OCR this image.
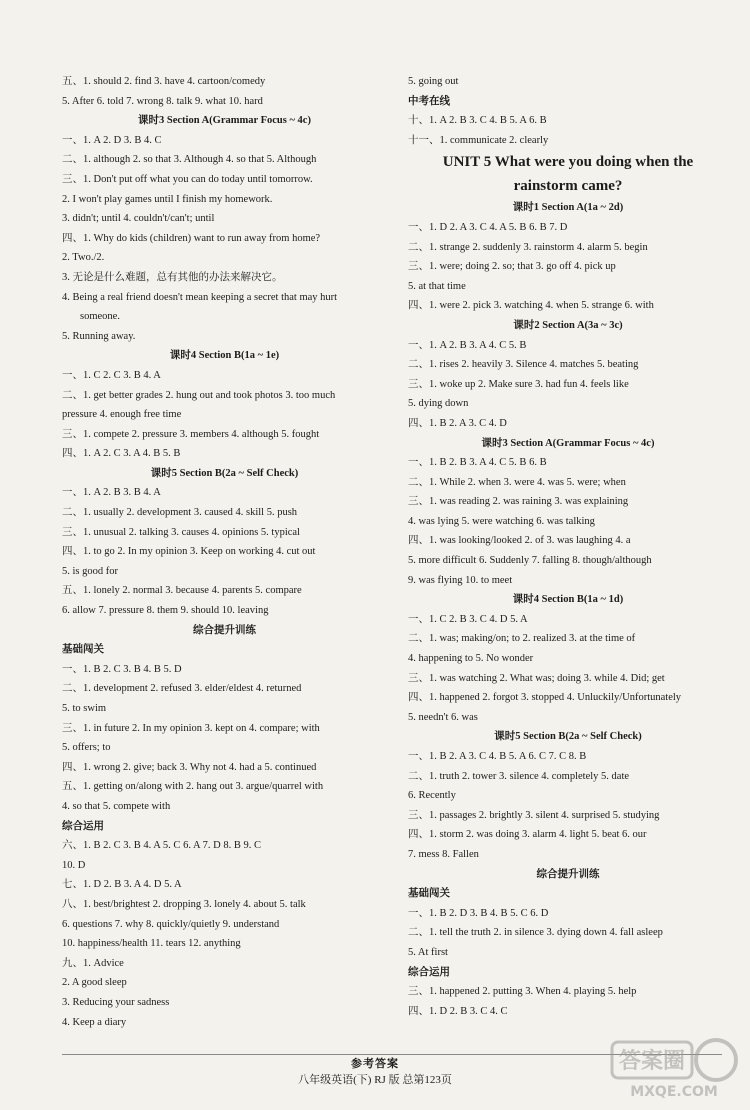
五、1. should 2. find 3. have 4. cartoon/comedy
5. After 6. told 7. wrong 8. talk 9. what 10. hard
课时3 Section A(Grammar Focus ~ 4c)
一、1. A 2. D 3. B 4. C
二、1. although 2. so that 3. Although 4. so that 5. Although
三、1. Don't put off what you can do today until tomorrow.
2. I won't play games until I finish my homework.
3. didn't; until 4. couldn't/can't; until
四、1. Why do kids (children) want to run away from home?
2. Two./2.
3. 无论是什么难题，总有其他的办法来解决它。
4. Being a real friend doesn't mean keeping a secret that may hurt
someone.
5. Running away.
课时4 Section B(1a ~ 1e)
一、1. C 2. C 3. B 4. A
二、1. get better grades 2. hung out and took photos 3. too much
pressure 4. enough free time
三、1. compete 2. pressure 3. members 4. although 5. fought
四、1. A 2. C 3. A 4. B 5. B
课时5 Section B(2a ~ Self Check)
一、1. A 2. B 3. B 4. A
二、1. usually 2. development 3. caused 4. skill 5. push
三、1. unusual 2. talking 3. causes 4. opinions 5. typical
四、1. to go 2. In my opinion 3. Keep on working 4. cut out
5. is good for
五、1. lonely 2. normal 3. because 4. parents 5. compare
6. allow 7. pressure 8. them 9. should 10. leaving
综合提升训练
基础闯关
一、1. B 2. C 3. B 4. B 5. D
二、1. development 2. refused 3. elder/eldest 4. returned
5. to swim
三、1. in future 2. In my opinion 3. kept on 4. compare; with
5. offers; to
四、1. wrong 2. give; back 3. Why not 4. had a 5. continued
五、1. getting on/along with 2. hang out 3. argue/quarrel with
4. so that 5. compete with
综合运用
六、1. B 2. C 3. B 4. A 5. C 6. A 7. D 8. B 9. C
10. D
七、1. D 2. B 3. A 4. D 5. A
八、1. best/brightest 2. dropping 3. lonely 4. about 5. talk
6. questions 7. why 8. quickly/quietly 9. understand
10. happiness/health 11. tears 12. anything
九、1. Advice
2. A good sleep
3. Reducing your sadness
4. Keep a diary
5. going out
中考在线
十、1. A 2. B 3. C 4. B 5. A 6. B
十一、1. communicate 2. clearly
UNIT 5 What were you doing when the
rainstorm came?
课时1 Section A(1a ~ 2d)
一、1. D 2. A 3. C 4. A 5. B 6. B 7. D
二、1. strange 2. suddenly 3. rainstorm 4. alarm 5. begin
三、1. were; doing 2. so; that 3. go off 4. pick up
5. at that time
四、1. were 2. pick 3. watching 4. when 5. strange 6. with
课时2 Section A(3a ~ 3c)
一、1. A 2. B 3. A 4. C 5. B
二、1. rises 2. heavily 3. Silence 4. matches 5. beating
三、1. woke up 2. Make sure 3. had fun 4. feels like
5. dying down
四、1. B 2. A 3. C 4. D
课时3 Section A(Grammar Focus ~ 4c)
一、1. B 2. B 3. A 4. C 5. B 6. B
二、1. While 2. when 3. were 4. was 5. were; when
三、1. was reading 2. was raining 3. was explaining
4. was lying 5. were watching 6. was talking
四、1. was looking/looked 2. of 3. was laughing 4. a
5. more difficult 6. Suddenly 7. falling 8. though/although
9. was flying 10. to meet
课时4 Section B(1a ~ 1d)
一、1. C 2. B 3. C 4. D 5. A
二、1. was; making/on; to 2. realized 3. at the time of
4. happening to 5. No wonder
三、1. was watching 2. What was; doing 3. while 4. Did; get
四、1. happened 2. forgot 3. stopped 4. Unluckily/Unfortunately
5. needn't 6. was
课时5 Section B(2a ~ Self Check)
一、1. B 2. A 3. C 4. B 5. A 6. C 7. C 8. B
二、1. truth 2. tower 3. silence 4. completely 5. date
6. Recently
三、1. passages 2. brightly 3. silent 4. surprised 5. studying
四、1. storm 2. was doing 3. alarm 4. light 5. beat 6. our
7. mess 8. Fallen
综合提升训练
基础闯关
一、1. B 2. D 3. B 4. B 5. C 6. D
二、1. tell the truth 2. in silence 3. dying down 4. fall asleep
5. At first
综合运用
三、1. happened 2. putting 3. When 4. playing 5. help
四、1. D 2. B 3. C 4. C
参考答案
八年级英语(下) RJ 版 总第123页
答案圈
MXQE.COM
